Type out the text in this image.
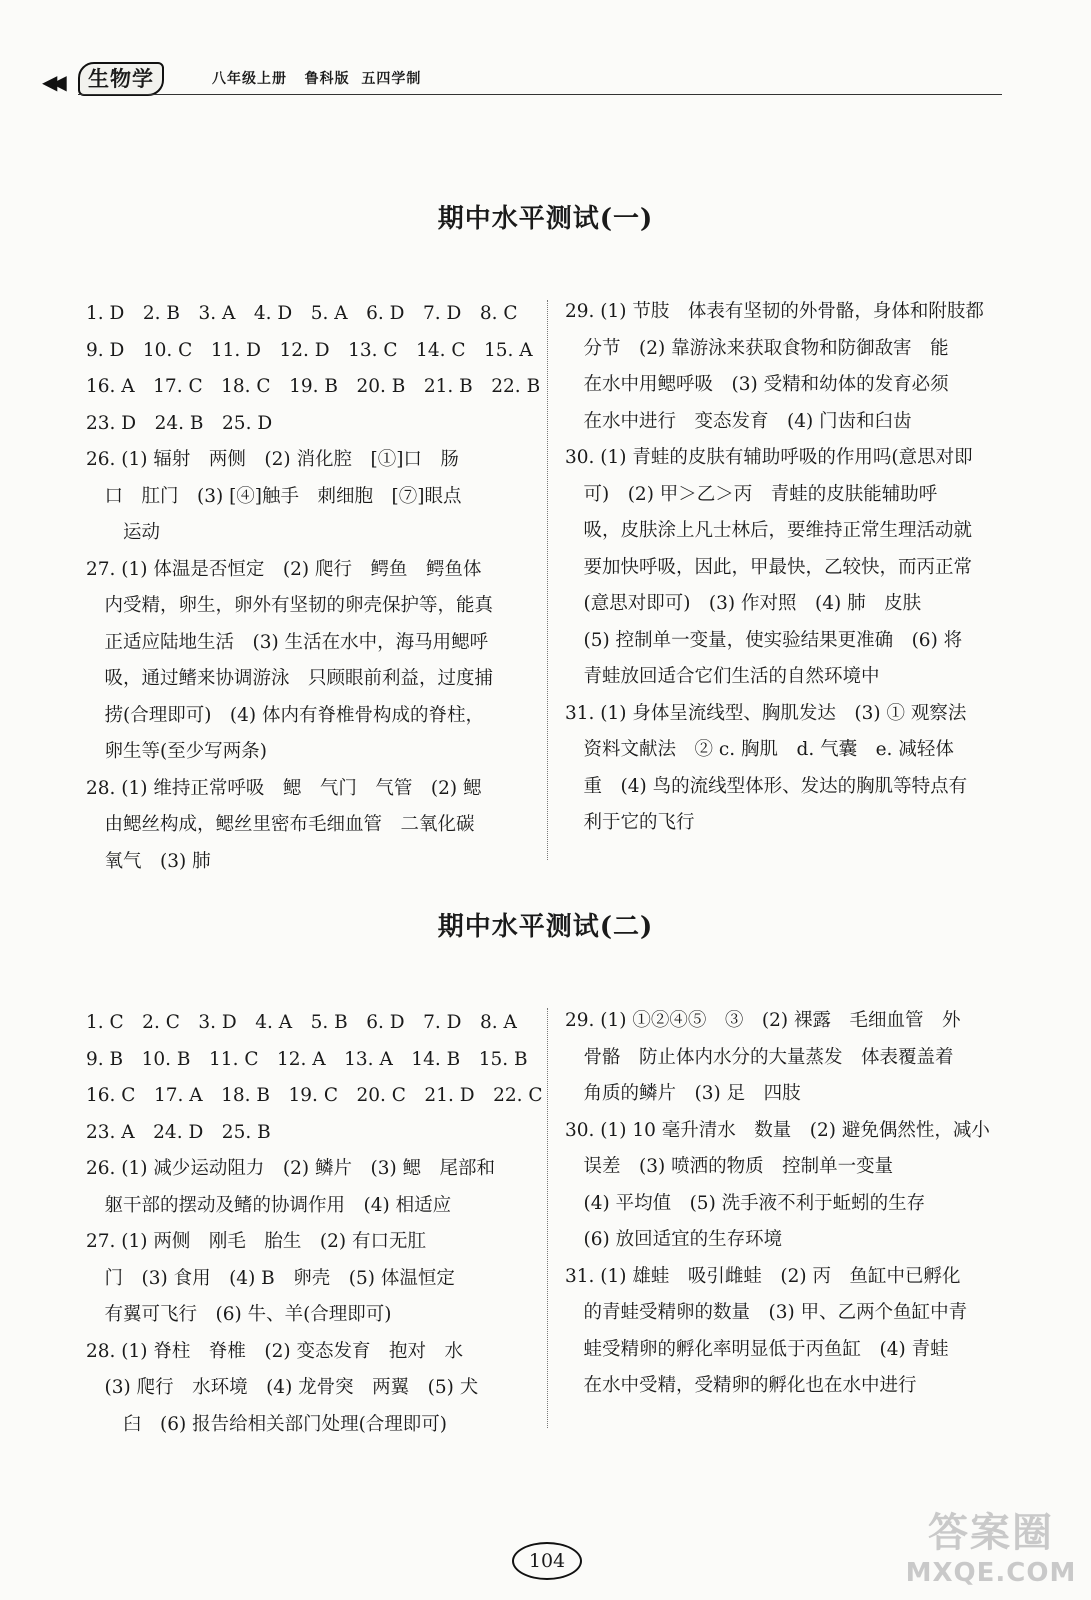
◀◀	生物学	八年级上册 鲁科版 五四学制
期中水平测试(一)
1. D　2. B　3. A　4. D　5. A　6. D　7. D　8. C
9. D　10. C　11. D　12. D　13. C　14. C　15. A
16. A　17. C　18. C　19. B　20. B　21. B　22. B
23. D　24. B　25. D
26. (1) 辐射　两侧　(2) 消化腔　[①]口　肠
　口　肛门　(3) [④]触手　刺细胞　[⑦]眼点
　　运动
27. (1) 体温是否恒定　(2) 爬行　鳄鱼　鳄鱼体
　内受精，卵生，卵外有坚韧的卵壳保护等，能真
　正适应陆地生活　(3) 生活在水中，海马用鳃呼
　吸，通过鳍来协调游泳　只顾眼前利益，过度捕
　捞(合理即可)　(4) 体内有脊椎骨构成的脊柱，
　卵生等(至少写两条)
28. (1) 维持正常呼吸　鳃　气门　气管　(2) 鳃
　由鳃丝构成，鳃丝里密布毛细血管　二氧化碳
　氧气　(3) 肺
29. (1) 节肢　体表有坚韧的外骨骼，身体和附肢都
　分节　(2) 靠游泳来获取食物和防御敌害　能
　在水中用鳃呼吸　(3) 受精和幼体的发育必须
　在水中进行　变态发育　(4) 门齿和臼齿
30. (1) 青蛙的皮肤有辅助呼吸的作用吗(意思对即
　可)　(2) 甲＞乙＞丙　青蛙的皮肤能辅助呼
　吸，皮肤涂上凡士林后，要维持正常生理活动就
　要加快呼吸，因此，甲最快，乙较快，而丙正常
　(意思对即可)　(3) 作对照　(4) 肺　皮肤
　(5) 控制单一变量，使实验结果更准确　(6) 将
　青蛙放回适合它们生活的自然环境中
31. (1) 身体呈流线型、胸肌发达　(3) ① 观察法
　资料文献法　② c. 胸肌　d. 气囊　e. 减轻体
　重　(4) 鸟的流线型体形、发达的胸肌等特点有
　利于它的飞行
期中水平测试(二)
1. C　2. C　3. D　4. A　5. B　6. D　7. D　8. A
9. B　10. B　11. C　12. A　13. A　14. B　15. B
16. C　17. A　18. B　19. C　20. C　21. D　22. C
23. A　24. D　25. B
26. (1) 减少运动阻力　(2) 鳞片　(3) 鳃　尾部和
　躯干部的摆动及鳍的协调作用　(4) 相适应
27. (1) 两侧　刚毛　胎生　(2) 有口无肛
　门　(3) 食用　(4) B　卵壳　(5) 体温恒定
　有翼可飞行　(6) 牛、羊(合理即可)
28. (1) 脊柱　脊椎　(2) 变态发育　抱对　水
　(3) 爬行　水环境　(4) 龙骨突　两翼　(5) 犬
　　臼　(6) 报告给相关部门处理(合理即可)
29. (1) ①②④⑤　③　(2) 裸露　毛细血管　外
　骨骼　防止体内水分的大量蒸发　体表覆盖着
　角质的鳞片　(3) 足　四肢
30. (1) 10 毫升清水　数量　(2) 避免偶然性，减小
　误差　(3) 喷洒的物质　控制单一变量
　(4) 平均值　(5) 洗手液不利于蚯蚓的生存
　(6) 放回适宜的生存环境
31. (1) 雄蛙　吸引雌蛙　(2) 丙　鱼缸中已孵化
　的青蛙受精卵的数量　(3) 甲、乙两个鱼缸中青
　蛙受精卵的孵化率明显低于丙鱼缸　(4) 青蛙
　在水中受精，受精卵的孵化也在水中进行
104
答案圈
MXQE.COM
